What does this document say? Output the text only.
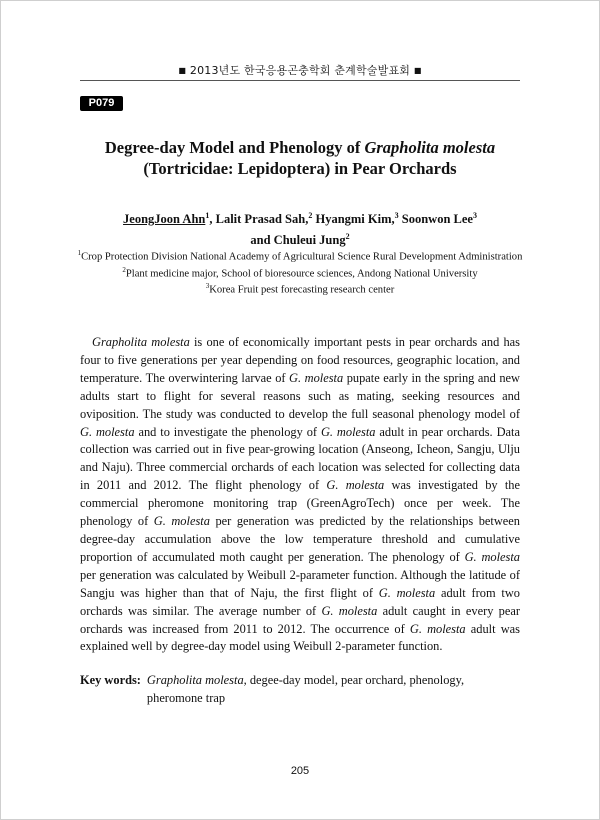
■ 2013년도 한국응용곤충학회 춘계학술발표회 ■
P079
Degree-day Model and Phenology of Grapholita molesta
(Tortricidae: Lepidoptera) in Pear Orchards
JeongJoon Ahn$^1$, Lalit Prasad Sah,$^2$ Hyangmi Kim,$^3$ Soonwon Lee$^3$
and Chuleui Jung$^2$
$^1$Crop Protection Division National Academy of Agricultural Science Rural Development Administration
$^2$Plant medicine major, School of bioresource sciences, Andong National University
$^3$Korea Fruit pest forecasting research center
Grapholita molesta is one of economically important pests in pear orchards and has four to five generations per year depending on food resources, geographic location, and temperature. The overwintering larvae of G. molesta pupate early in the spring and new adults start to flight for several reasons such as mating, seeking resources and oviposition. The study was conducted to develop the full seasonal phenology model of G. molesta and to investigate the phenology of G. molesta adult in pear orchards. Data collection was carried out in five pear-growing location (Anseong, Icheon, Sangju, Ulju and Naju). Three commercial orchards of each location was selected for collecting data in 2011 and 2012. The flight phenology of G. molesta was investigated by the commercial pheromone monitoring trap (GreenAgroTech) once per week. The phenology of G. molesta per generation was predicted by the relationships between degree-day accumulation above the low temperature threshold and cumulative proportion of accumulated moth caught per generation. The phenology of G. molesta per generation was calculated by Weibull 2-parameter function. Although the latitude of Sangju was higher than that of Naju, the first flight of G. molesta adult from two orchards was similar. The average number of G. molesta adult caught in every pear orchards was increased from 2011 to 2012. The occurrence of G. molesta adult was explained well by degree-day model using Weibull 2-parameter function.
Key words: Grapholita molesta, degee-day model, pear orchard, phenology, pheromone trap
205
